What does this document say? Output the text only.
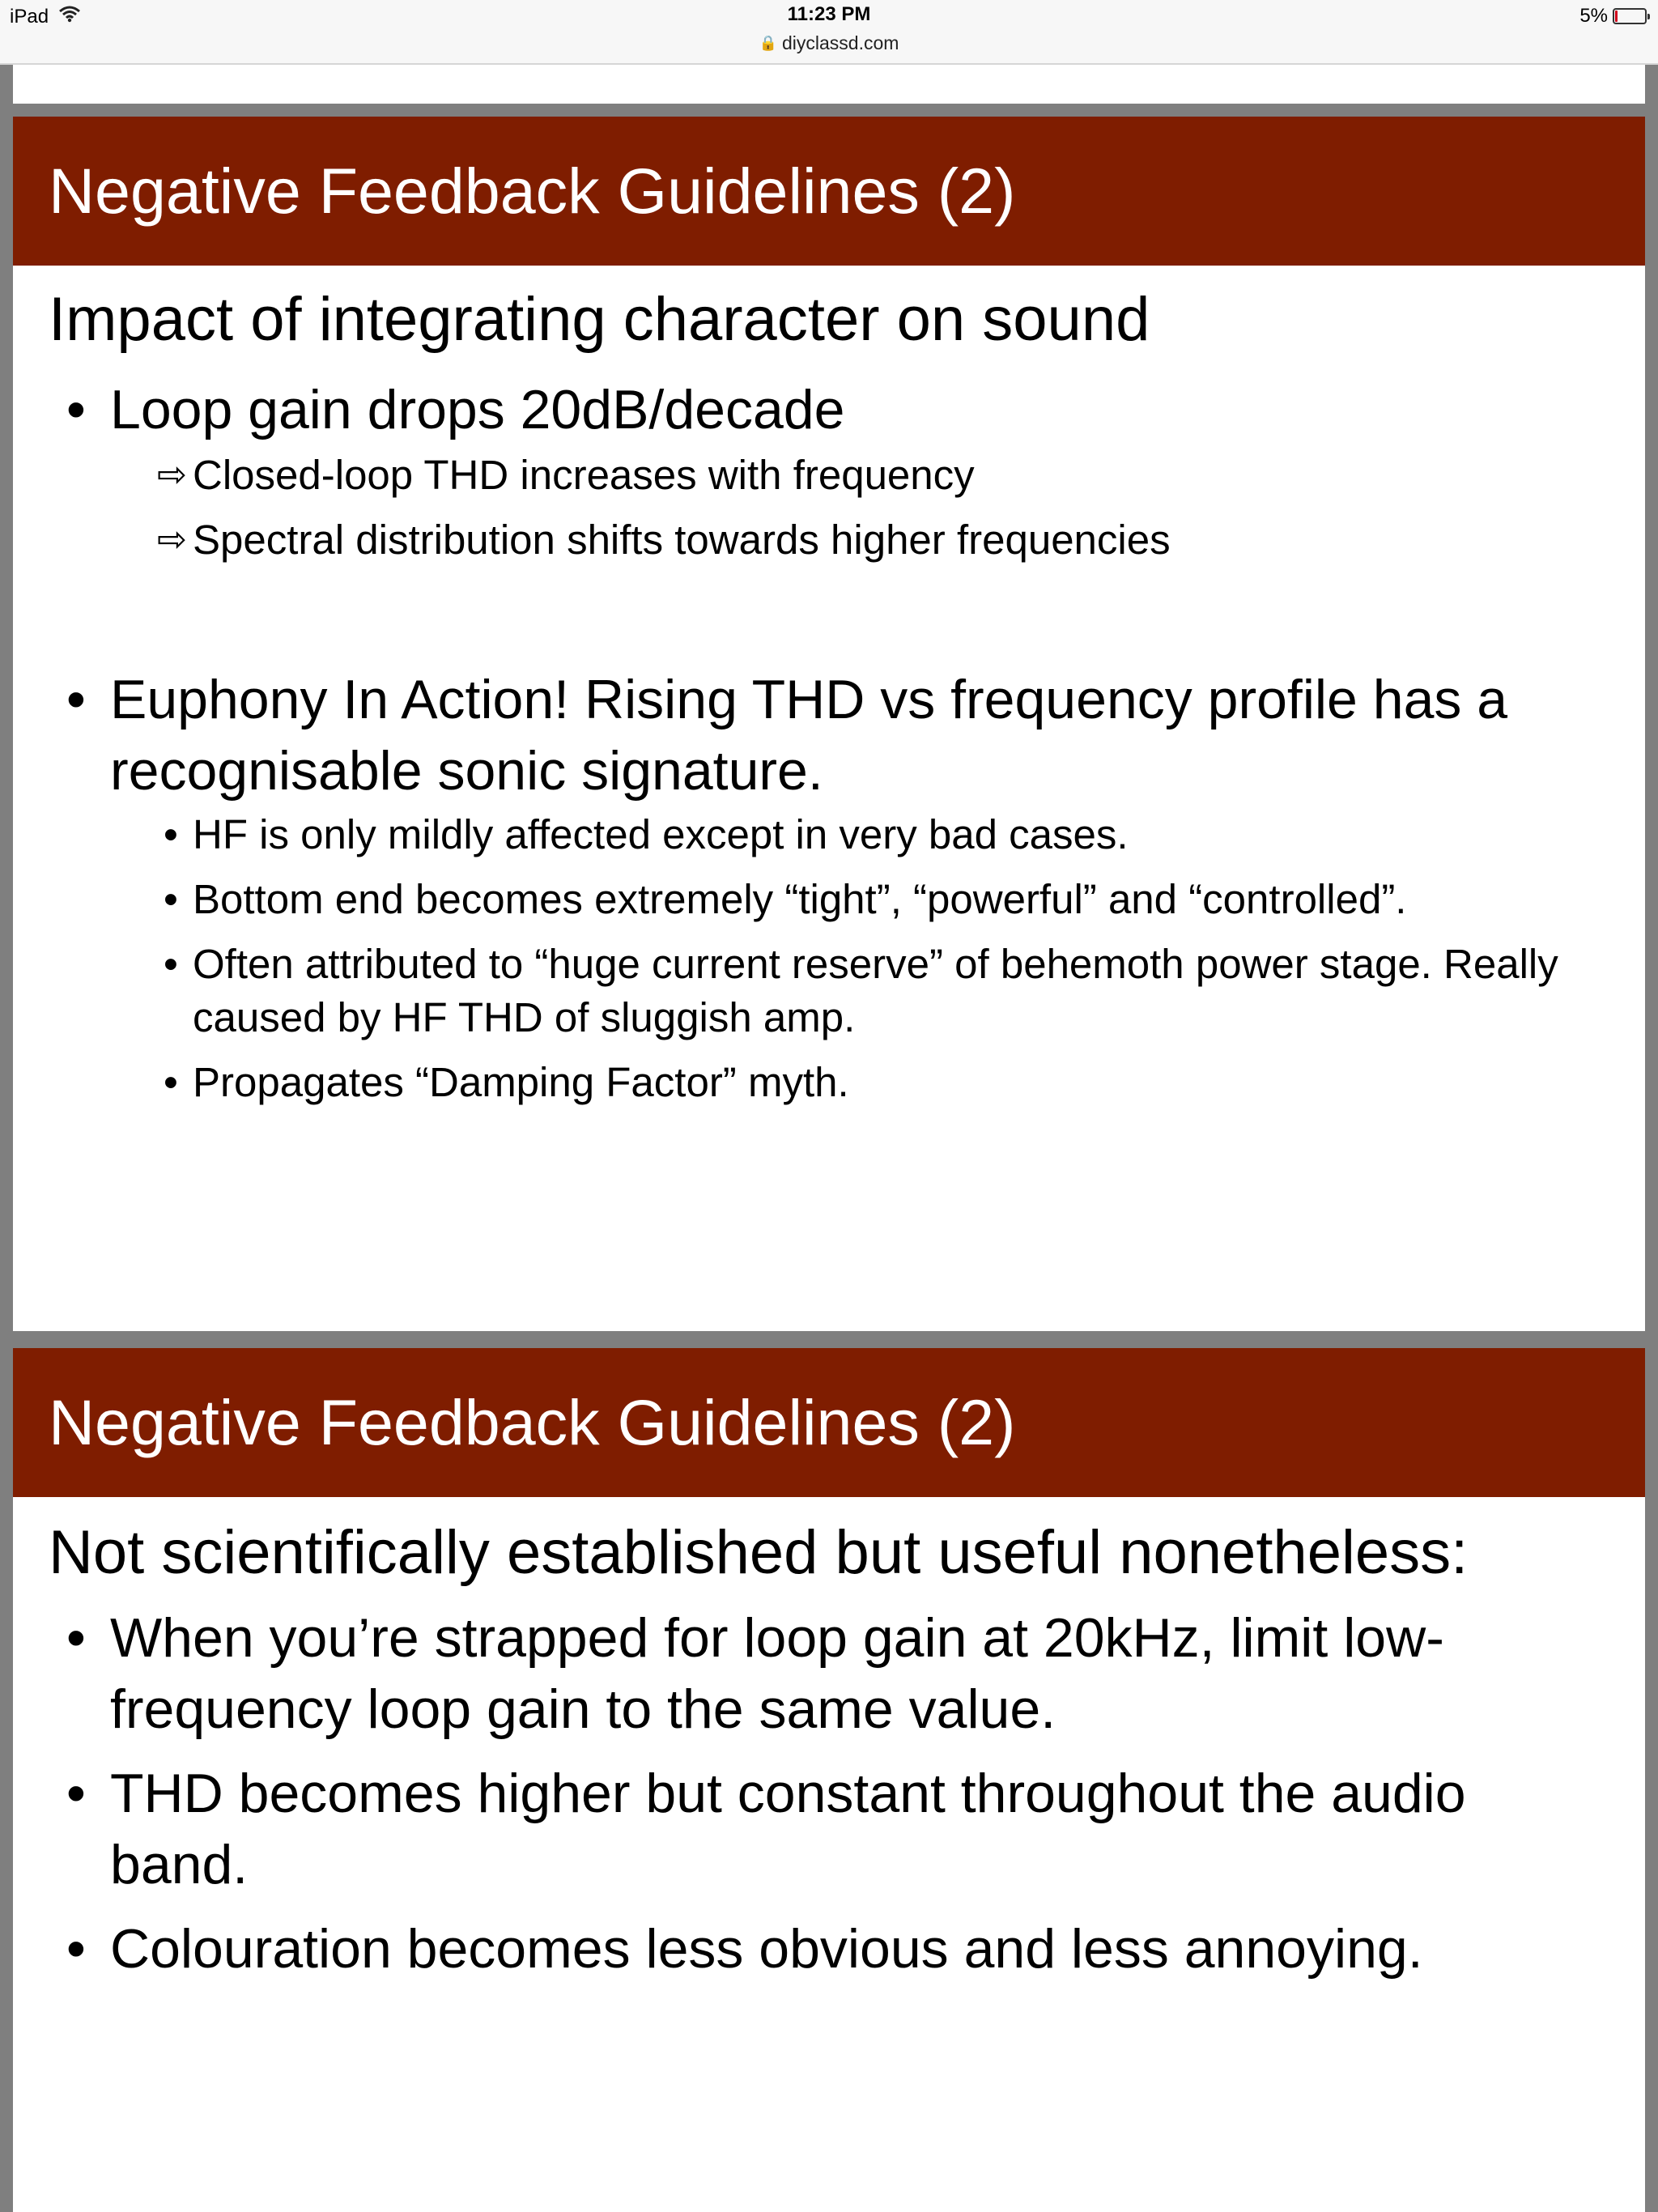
iPad	11:23 PM
🔒 diyclassd.com
5%
Negative Feedback Guidelines (2)

Impact of integrating character on sound

• Loop gain drops 20dB/decade

⇨ Closed-loop THD increases with frequency

⇨ Spectral distribution shifts towards higher frequencies

• Euphony In Action! Rising THD vs frequency profile has a recognisable sonic signature.

• HF is only mildly affected except in very bad cases.

• Bottom end becomes extremely “tight”, “powerful” and “controlled”.

• Often attributed to “huge current reserve” of behemoth power stage. Really caused by HF THD of sluggish amp.

• Propagates “Damping Factor” myth.

Negative Feedback Guidelines (2)

Not scientifically established but useful nonetheless:

• When you’re strapped for loop gain at 20kHz, limit low-frequency loop gain to the same value.

• THD becomes higher but constant throughout the audio band.

• Colouration becomes less obvious and less annoying.
